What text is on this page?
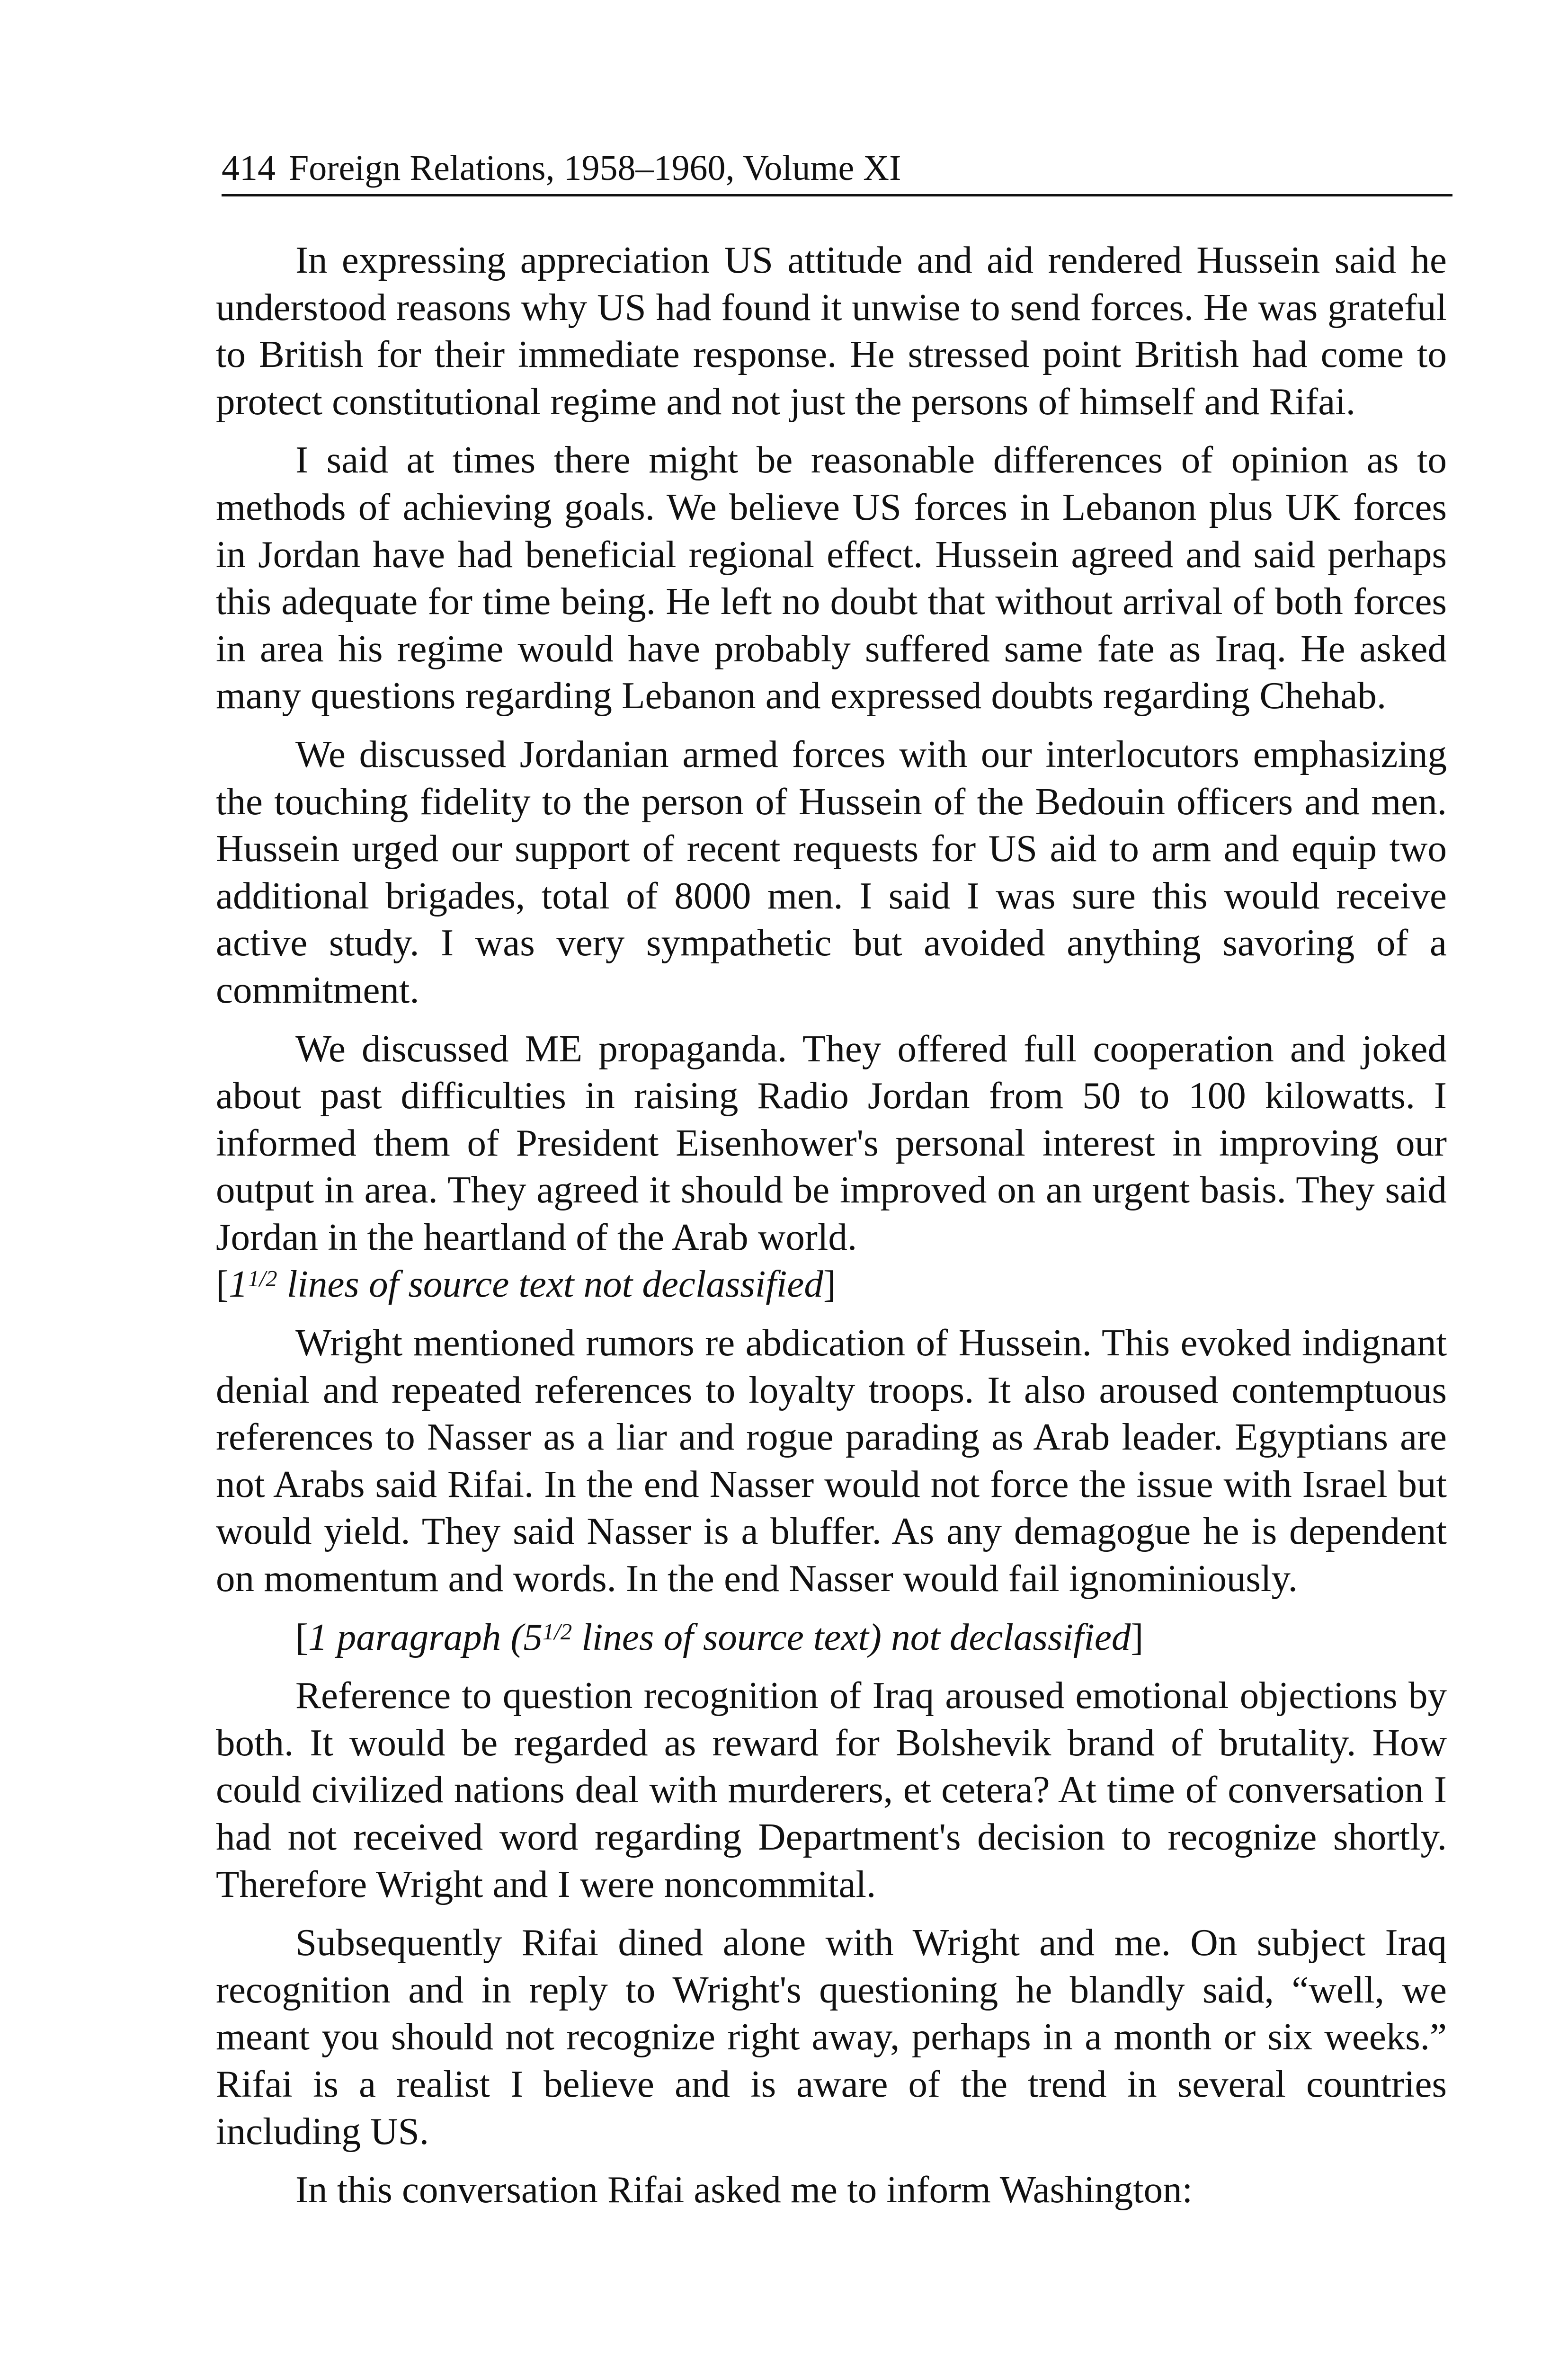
414 Foreign Relations, 1958–1960, Volume XI

In expressing appreciation US attitude and aid rendered Hussein said he understood reasons why US had found it unwise to send forces. He was grateful to British for their immediate response. He stressed point British had come to protect constitutional regime and not just the persons of himself and Rifai.

I said at times there might be reasonable differences of opinion as to methods of achieving goals. We believe US forces in Lebanon plus UK forces in Jordan have had beneficial regional effect. Hussein agreed and said perhaps this adequate for time being. He left no doubt that without arrival of both forces in area his regime would have probably suffered same fate as Iraq. He asked many questions regarding Lebanon and expressed doubts regarding Chehab.

We discussed Jordanian armed forces with our interlocutors emphasizing the touching fidelity to the person of Hussein of the Bedouin officers and men. Hussein urged our support of recent requests for US aid to arm and equip two additional brigades, total of 8000 men. I said I was sure this would receive active study. I was very sympathetic but avoided anything savoring of a commitment.

We discussed ME propaganda. They offered full cooperation and joked about past difficulties in raising Radio Jordan from 50 to 100 kilowatts. I informed them of President Eisenhower's personal interest in improving our output in area. They agreed it should be improved on an urgent basis. They said Jordan in the heartland of the Arab world.
[$1^{1/2}$ lines of source text not declassified]

Wright mentioned rumors re abdication of Hussein. This evoked indignant denial and repeated references to loyalty troops. It also aroused contemptuous references to Nasser as a liar and rogue parading as Arab leader. Egyptians are not Arabs said Rifai. In the end Nasser would not force the issue with Israel but would yield. They said Nasser is a bluffer. As any demagogue he is dependent on momentum and words. In the end Nasser would fail ignominiously.

[1 paragraph ($5^{1/2}$ lines of source text) not declassified]

Reference to question recognition of Iraq aroused emotional objections by both. It would be regarded as reward for Bolshevik brand of brutality. How could civilized nations deal with murderers, et cetera? At time of conversation I had not received word regarding Department's decision to recognize shortly. Therefore Wright and I were noncommital.

Subsequently Rifai dined alone with Wright and me. On subject Iraq recognition and in reply to Wright's questioning he blandly said, “well, we meant you should not recognize right away, perhaps in a month or six weeks.” Rifai is a realist I believe and is aware of the trend in several countries including US.

In this conversation Rifai asked me to inform Washington:
